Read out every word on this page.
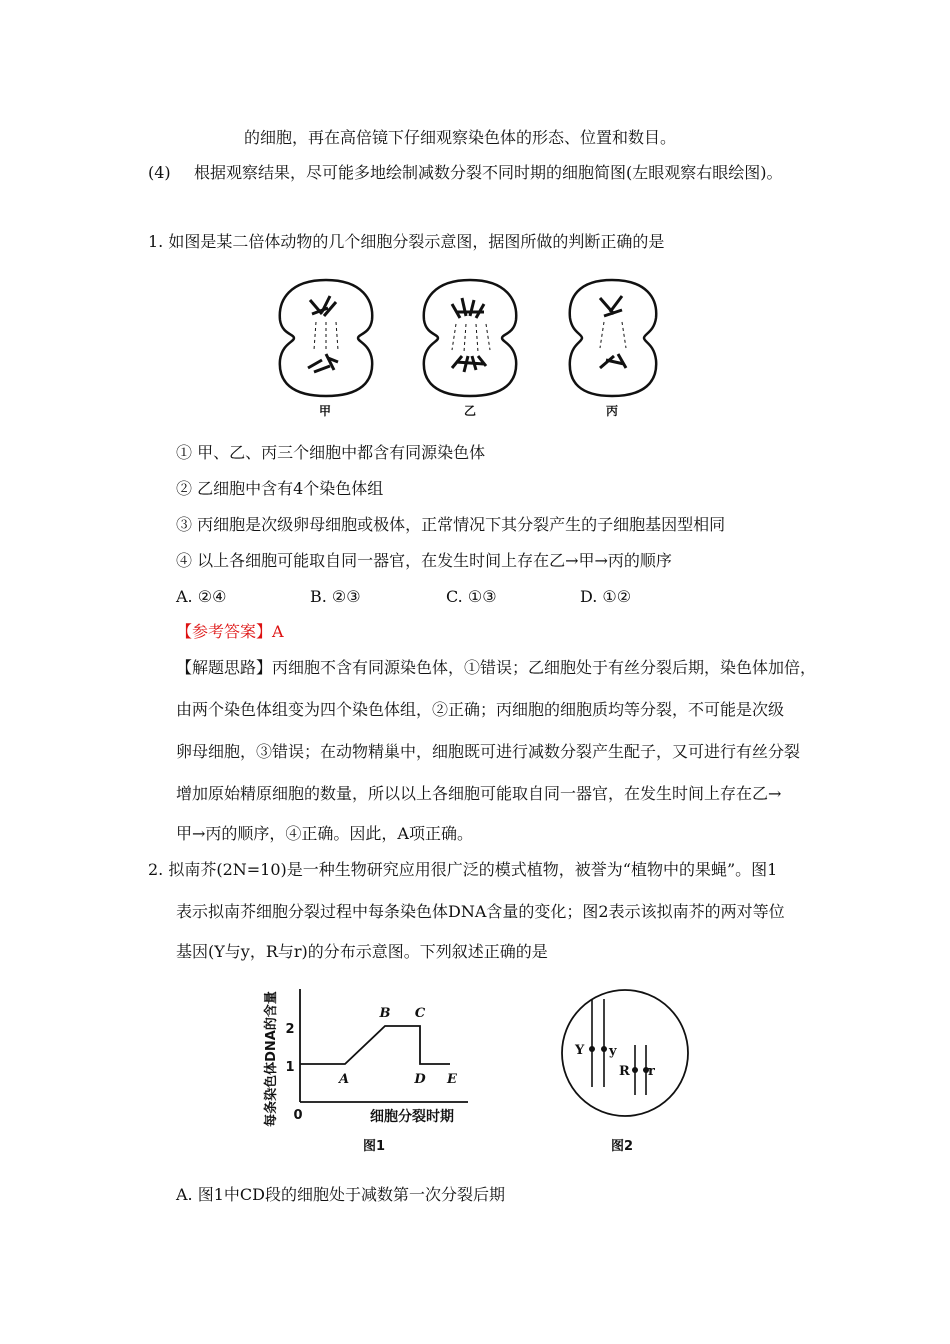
的细胞，再在高倍镜下仔细观察染色体的形态、位置和数目。
(4) 根据观察结果，尽可能多地绘制减数分裂不同时期的细胞简图(左眼观察右眼绘图)。
1. 如图是某二倍体动物的几个细胞分裂示意图，据图所做的判断正确的是
甲	乙	丙
① 甲、乙、丙三个细胞中都含有同源染色体
② 乙细胞中含有4个染色体组
③ 丙细胞是次级卵母细胞或极体，正常情况下其分裂产生的子细胞基因型相同
④ 以上各细胞可能取自同一器官，在发生时间上存在乙→甲→丙的顺序
A. ②④	B. ②③	C. ①③	D. ①②
【参考答案】A
【解题思路】丙细胞不含有同源染色体，①错误；乙细胞处于有丝分裂后期，染色体加倍，
由两个染色体组变为四个染色体组，②正确；丙细胞的细胞质均等分裂，不可能是次级
卵母细胞，③错误；在动物精巢中，细胞既可进行减数分裂产生配子，又可进行有丝分裂
增加原始精原细胞的数量，所以以上各细胞可能取自同一器官，在发生时间上存在乙→
甲→丙的顺序，④正确。因此，A项正确。
2. 拟南芥(2N=10)是一种生物研究应用很广泛的模式植物，被誉为“植物中的果蝇”。图1
表示拟南芥细胞分裂过程中每条染色体DNA含量的变化；图2表示该拟南芥的两对等位
基因(Y与y，R与r)的分布示意图。下列叙述正确的是
每条染色体DNA的含量 2
1
0	细胞分裂时期
A
B C
D E
图1
Y y
R r
图2
A. 图1中CD段的细胞处于减数第一次分裂后期
